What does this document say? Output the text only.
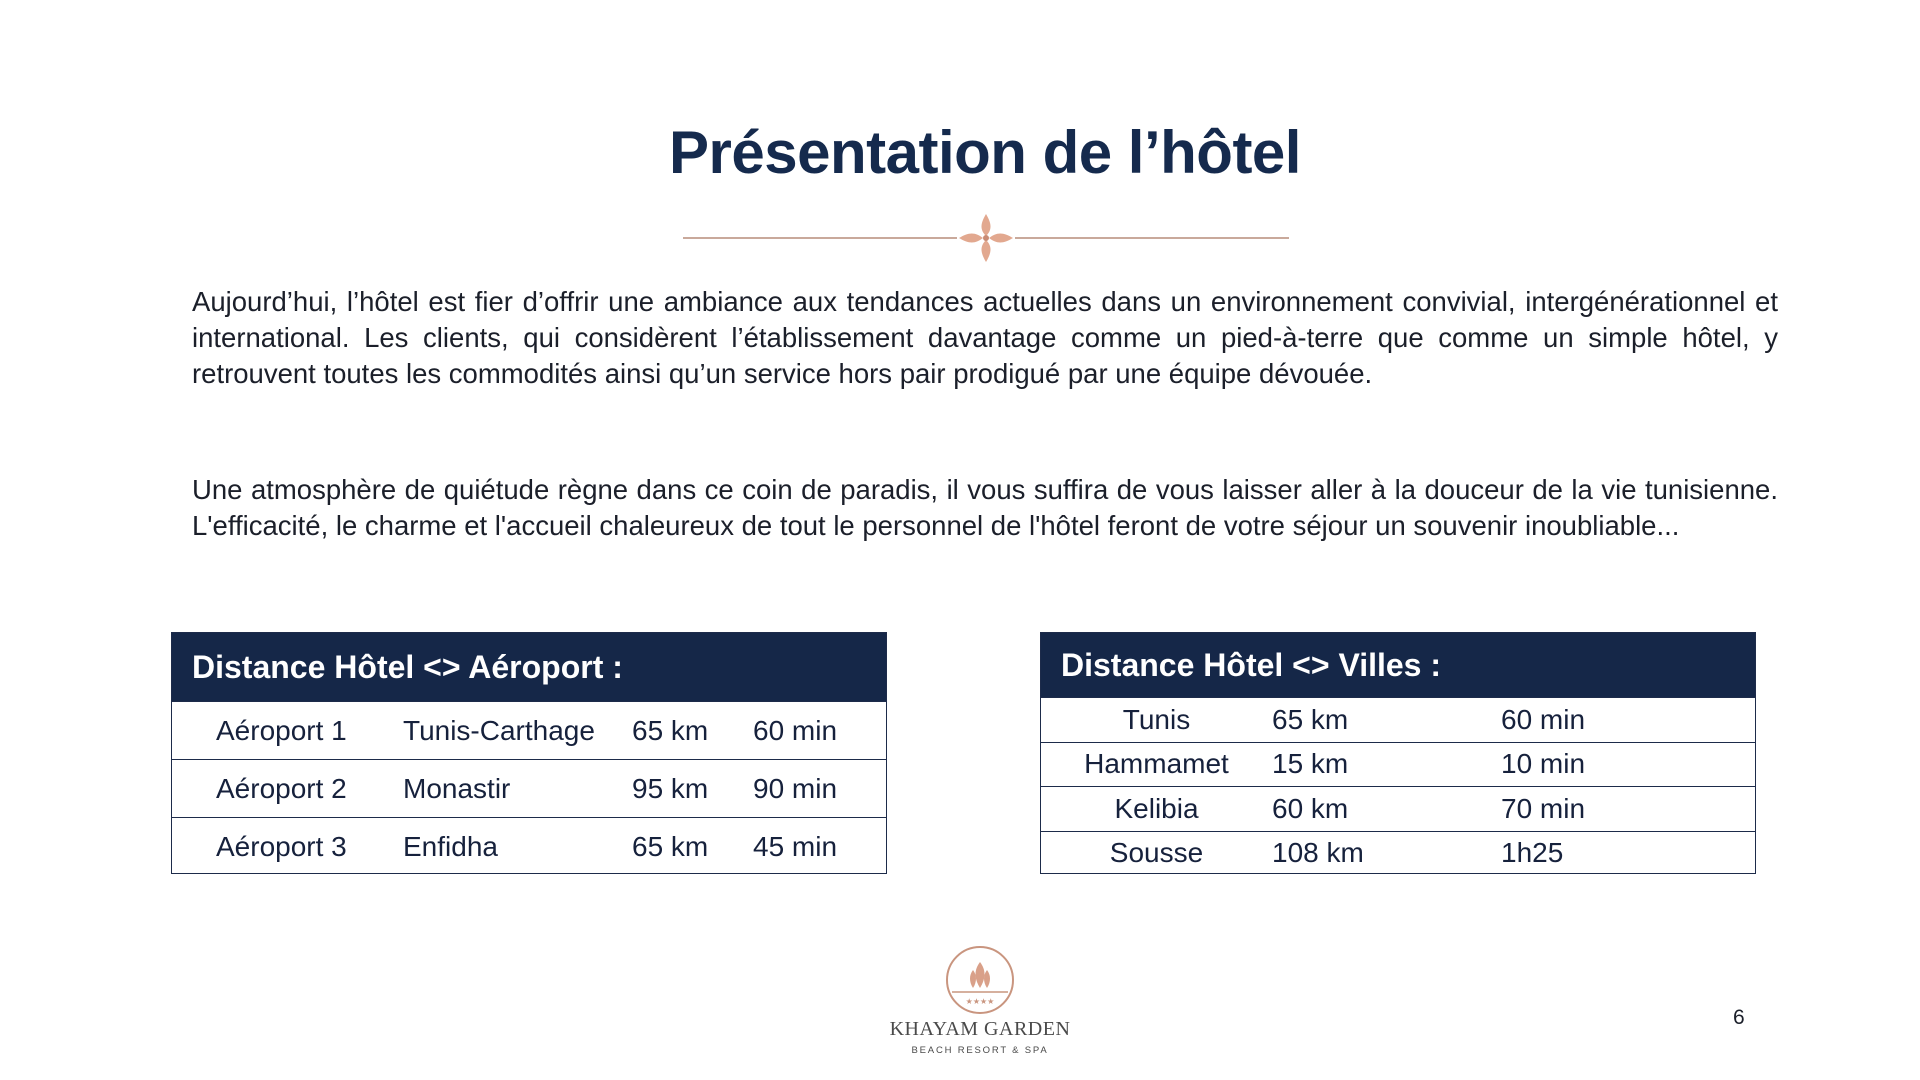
Présentation de l’hôtel
Aujourd’hui, l’hôtel est fier d’offrir une ambiance aux tendances actuelles dans un environnement convivial, intergénérationnel et international. Les clients, qui considèrent l’établissement davantage comme un pied-à-terre que comme un simple hôtel, y retrouvent toutes les commodités ainsi qu’un service hors pair prodigué par une équipe dévouée.
Une atmosphère de quiétude règne dans ce coin de paradis, il vous suffira de vous laisser aller à la douceur de la vie tunisienne. L'efficacité, le charme et l'accueil chaleureux de tout le personnel de l'hôtel feront de votre séjour un souvenir inoubliable...
Distance Hôtel <> Aéroport :
Aéroport 1	Tunis-Carthage	65 km	60 min
Aéroport 2	Monastir	95 km	90 min
Aéroport 3	Enfidha	65 km	45 min
Distance Hôtel <> Villes :
Tunis	65 km	60 min
Hammamet	15 km	10 min
Kelibia	60 km	70 min
Sousse	108 km	1h25
★★★★
KHAYAM GARDEN
BEACH RESORT & SPA
6
